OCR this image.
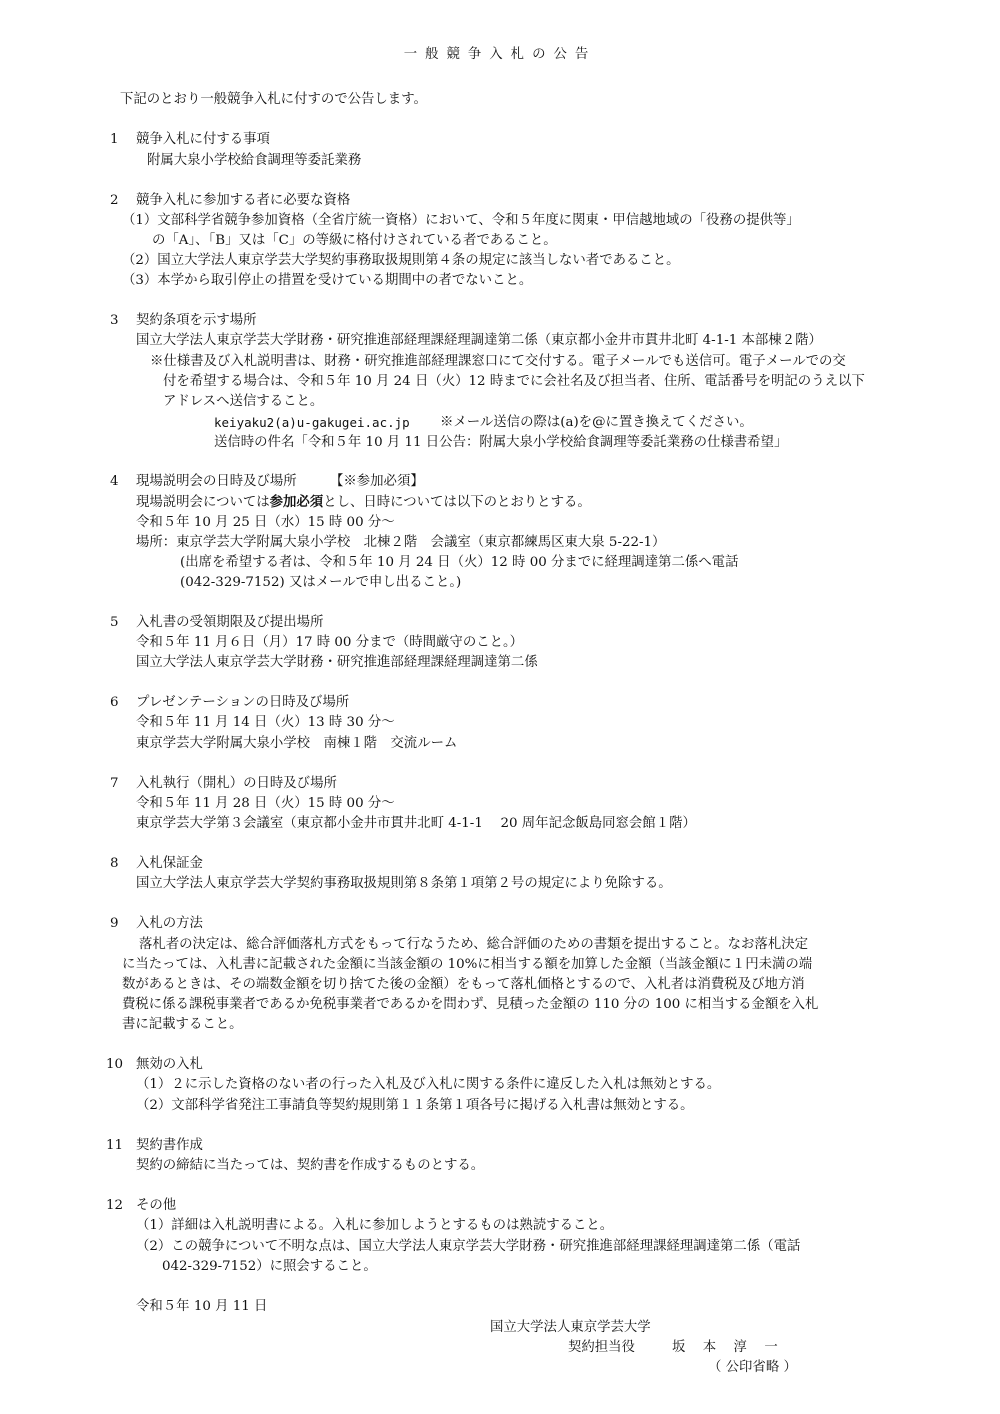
一般競争入札の公告
下記のとおり一般競争入札に付すので公告します。
1 競争入札に付する事項
附属大泉小学校給食調理等委託業務
2 競争入札に参加する者に必要な資格
（1）文部科学省競争参加資格（全省庁統一資格）において、令和５年度に関東・甲信越地域の「役務の提供等」
の「A」、「B」又は「C」の等級に格付けされている者であること。
（2）国立大学法人東京学芸大学契約事務取扱規則第４条の規定に該当しない者であること。
（3）本学から取引停止の措置を受けている期間中の者でないこと。
3 契約条項を示す場所
国立大学法人東京学芸大学財務・研究推進部経理課経理調達第二係（東京都小金井市貫井北町 4-1-1 本部棟２階）
※仕様書及び入札説明書は、財務・研究推進部経理課窓口にて交付する。電子メールでも送信可。電子メールでの交
付を希望する場合は、令和５年 10 月 24 日（火）12 時までに会社名及び担当者、住所、電話番号を明記のうえ以下
アドレスへ送信すること。
keiyaku2(a)u-gakugei.ac.jp ※メール送信の際は(a)を@に置き換えてください。
送信時の件名「令和５年 10 月 11 日公告：附属大泉小学校給食調理等委託業務の仕様書希望」
4 現場説明会の日時及び場所 【※参加必須】
現場説明会については参加必須とし、日時については以下のとおりとする。
令和５年 10 月 25 日（水）15 時 00 分～
場所：東京学芸大学附属大泉小学校　北棟２階　会議室（東京都練馬区東大泉 5-22-1）
(出席を希望する者は、令和５年 10 月 24 日（火）12 時 00 分までに経理調達第二係へ電話
(042-329-7152) 又はメールで申し出ること。)
5 入札書の受領期限及び提出場所
令和５年 11 月６日（月）17 時 00 分まで（時間厳守のこと。）
国立大学法人東京学芸大学財務・研究推進部経理課経理調達第二係
6 プレゼンテーションの日時及び場所
令和５年 11 月 14 日（火）13 時 30 分～
東京学芸大学附属大泉小学校　南棟１階　交流ルーム
7 入札執行（開札）の日時及び場所
令和５年 11 月 28 日（火）15 時 00 分～
東京学芸大学第３会議室（東京都小金井市貫井北町 4-1-1　 20 周年記念飯島同窓会館１階）
8 入札保証金
国立大学法人東京学芸大学契約事務取扱規則第８条第１項第２号の規定により免除する。
9 入札の方法
落札者の決定は、総合評価落札方式をもって行なうため、総合評価のための書類を提出すること。なお落札決定
に当たっては、入札書に記載された金額に当該金額の 10%に相当する額を加算した金額（当該金額に１円未満の端
数があるときは、その端数金額を切り捨てた後の金額）をもって落札価格とするので、入札者は消費税及び地方消
費税に係る課税事業者であるか免税事業者であるかを問わず、見積った金額の 110 分の 100 に相当する金額を入札
書に記載すること。
10 無効の入札
（1）２に示した資格のない者の行った入札及び入札に関する条件に違反した入札は無効とする。
（2）文部科学省発注工事請負等契約規則第１１条第１項各号に掲げる入札書は無効とする。
11 契約書作成
契約の締結に当たっては、契約書を作成するものとする。
12 その他
（1）詳細は入札説明書による。入札に参加しようとするものは熟読すること。
（2）この競争について不明な点は、国立大学法人東京学芸大学財務・研究推進部経理課経理調達第二係（電話
042-329-7152）に照会すること。
令和５年 10 月 11 日
国立大学法人東京学芸大学
契約担当役	坂　本　淳　一
（ 公印省略 ）
